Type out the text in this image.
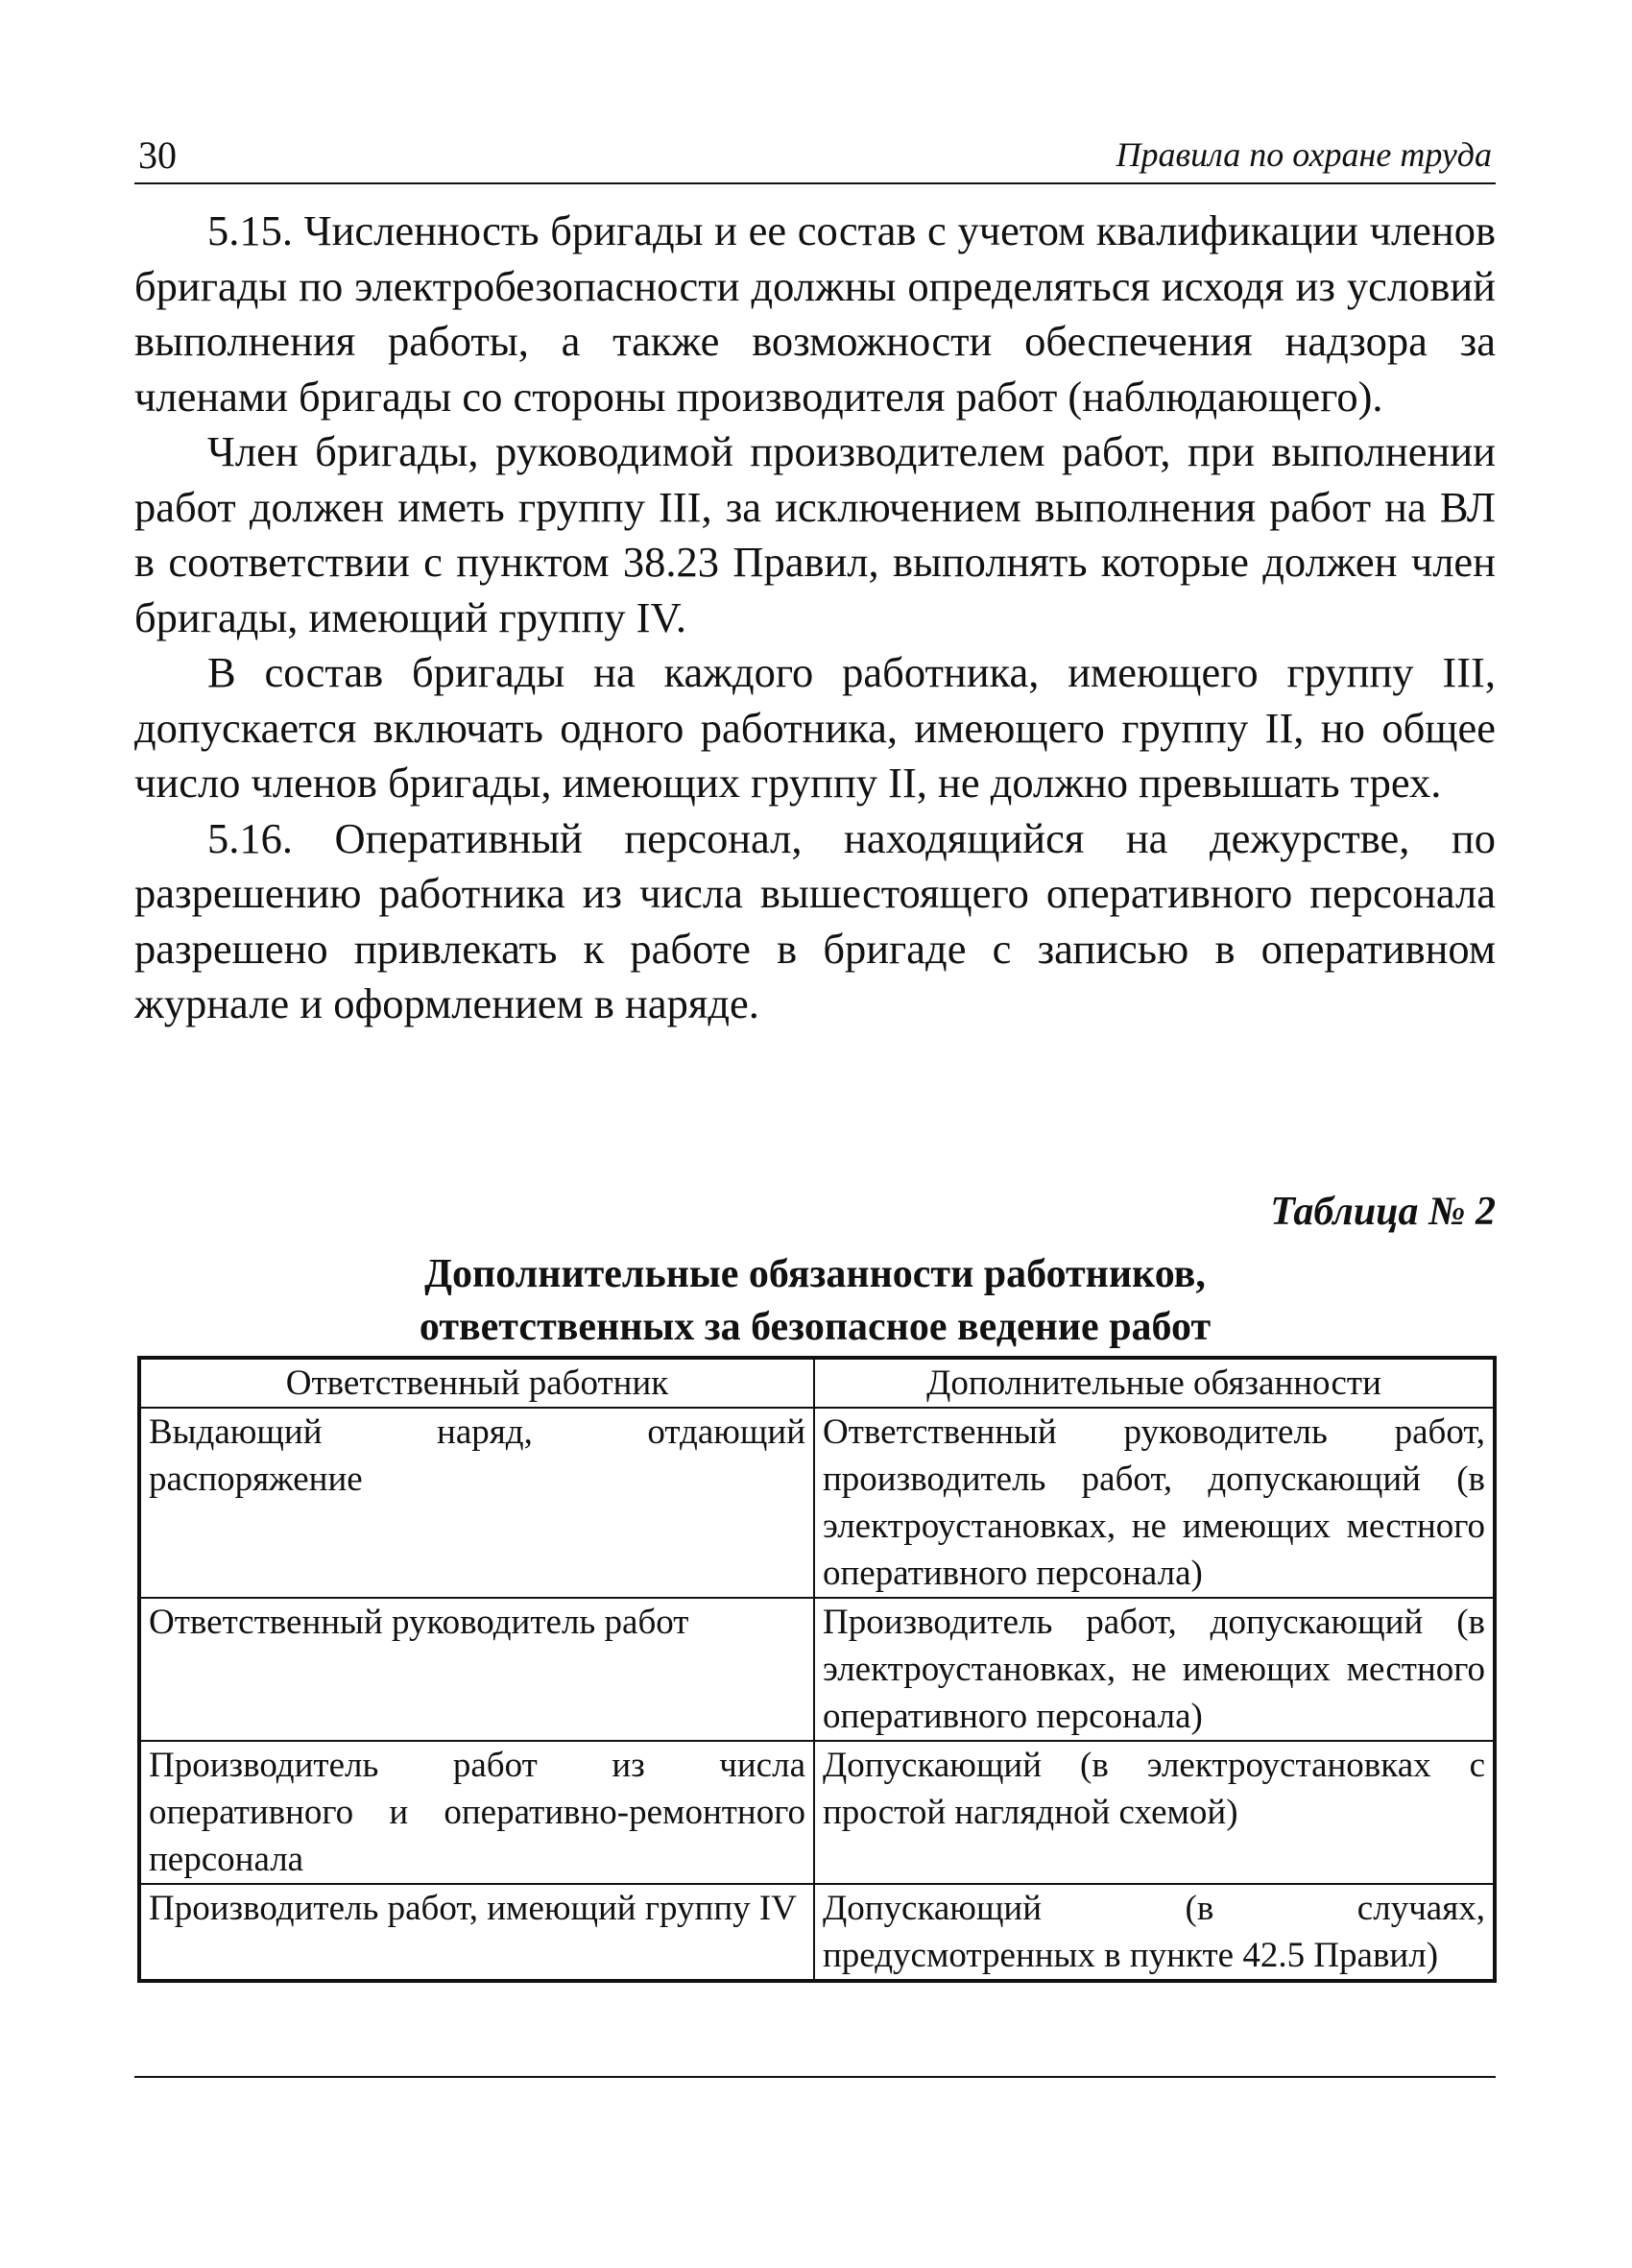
30	Правила по охране труда

5.15. Численность бригады и ее состав с учетом квалификации членов бригады по электробезопасности должны определяться исходя из условий выполнения работы, а также возможности обеспечения надзора за членами бригады со стороны производителя работ (наблюдающего).

Член бригады, руководимой производителем работ, при выполнении работ должен иметь группу III, за исключением выполнения работ на ВЛ в соответствии с пунктом 38.23 Правил, выполнять которые должен член бригады, имеющий группу IV.

В состав бригады на каждого работника, имеющего группу III, допускается включать одного работника, имеющего группу II, но общее число членов бригады, имеющих группу II, не должно превышать трех.

5.16. Оперативный персонал, находящийся на дежурстве, по разрешению работника из числа вышестоящего оперативного персонала разрешено привлекать к работе в бригаде с записью в оперативном журнале и оформлением в наряде.

Таблица № 2
Дополнительные обязанности работников,
ответственных за безопасное ведение работ
Ответственный работник	Дополнительные обязанности
Выдающий наряд, отдающий распоряжение	Ответственный руководитель работ, производитель работ, допускающий (в электроустановках, не имеющих местного оперативного персонала)
Ответственный руководитель работ	Производитель работ, допускающий (в электроустановках, не имеющих местного оперативного персонала)
Производитель работ из числа оперативного и оперативно-ремонтного персонала	Допускающий (в электроустановках с простой наглядной схемой)
Производитель работ, имеющий группу IV	Допускающий (в случаях, предусмотренных в пункте 42.5 Правил)
